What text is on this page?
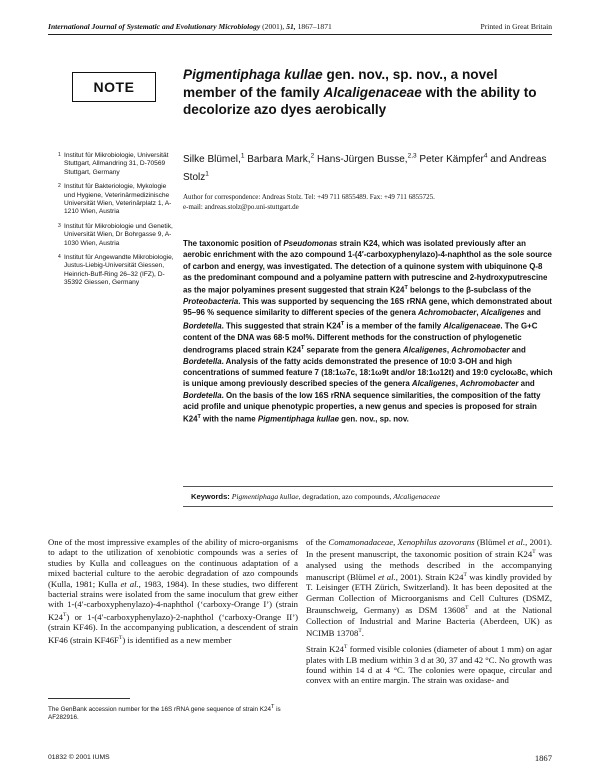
International Journal of Systematic and Evolutionary Microbiology (2001), 51, 1867–1871	Printed in Great Britain
NOTE
Pigmentiphaga kullae gen. nov., sp. nov., a novel member of the family Alcaligenaceae with the ability to decolorize azo dyes aerobically
Silke Blümel,$^1$ Barbara Mark,$^2$ Hans-Jürgen Busse,$^{2,3}$ Peter Kämpfer$^4$ and Andreas Stolz$^1$
Author for correspondence: Andreas Stolz. Tel: +49 711 6855489. Fax: +49 711 6855725.
e-mail: andreas.stolz@po.uni-stuttgart.de
1 Institut für Mikrobiologie, Universität Stuttgart, Allmandring 31, D-70569 Stuttgart, Germany
2 Institut für Bakteriologie, Mykologie und Hygiene, Veterinärmedizinische Universität Wien, Veterinärplatz 1, A-1210 Wien, Austria
3 Institut für Mikrobiologie und Genetik, Universität Wien, Dr Bohrgasse 9, A-1030 Wien, Austria
4 Institut für Angewandte Mikrobiologie, Justus-Liebig-Universität Giessen, Heinrich-Buff-Ring 26–32 (IFZ), D-35392 Giessen, Germany
The taxonomic position of Pseudomonas strain K24, which was isolated previously after an aerobic enrichment with the azo compound 1-(4′-carboxyphenylazo)-4-naphthol as the sole source of carbon and energy, was investigated. The detection of a quinone system with ubiquinone Q-8 as the predominant compound and a polyamine pattern with putrescine and 2-hydroxyputrescine as the major polyamines present suggested that strain $K24^T$ belongs to the β-subclass of the Proteobacteria. This was supported by sequencing the 16S rRNA gene, which demonstrated about 95–96 % sequence similarity to different species of the genera Achromobacter, Alcaligenes and Bordetella. This suggested that strain $K24^T$ is a member of the family Alcaligenaceae. The G+C content of the DNA was 68·5 mol%. Different methods for the construction of phylogenetic dendrograms placed strain $K24^T$ separate from the genera Alcaligenes, Achromobacter and Bordetella. Analysis of the fatty acids demonstrated the presence of 10:0 3-OH and high concentrations of summed feature 7 (18:1ω7c, 18:1ω9t and/or 18:1ω12t) and 19:0 cycloω8c, which is unique among previously described species of the genera Alcaligenes, Achromobacter and Bordetella. On the basis of the low 16S rRNA sequence similarities, the composition of the fatty acid profile and unique phenotypic properties, a new genus and species is proposed for strain $K24^T$ with the name Pigmentiphaga kullae gen. nov., sp. nov.
Keywords: Pigmentiphaga kullae, degradation, azo compounds, Alcaligenaceae

One of the most impressive examples of the ability of micro-organisms to adapt to the utilization of xenobiotic compounds was a series of studies by Kulla and colleagues on the continuous adaptation of a mixed bacterial culture to the aerobic degradation of azo compounds (Kulla, 1981; Kulla et al., 1983, 1984). In these studies, two different bacterial strains were isolated from the same inoculum that grew either with 1-(4′-carboxyphenylazo)-4-naphthol (‘carboxy-Orange I’) (strain $K24^T$) or 1-(4′-carboxyphenylazo)-2-naphthol (‘carboxy-Orange II’) (strain KF46). In the accompanying publication, a descendent of strain KF46 (strain $KF46F^T$) is identified as a new member

of the Comamonadaceae, Xenophilus azovorans (Blümel et al., 2001). In the present manuscript, the taxonomic position of strain $K24^T$ was analysed using the methods described in the accompanying manuscript (Blümel et al., 2001). Strain $K24^T$ was kindly provided by T. Leisinger (ETH Zürich, Switzerland). It has been deposited at the German Collection of Microorganisms and Cell Cultures (DSMZ, Braunschweig, Germany) as DSM $13608^T$ and at the National Collection of Industrial and Marine Bacteria (Aberdeen, UK) as NCIMB $13708^T$.

Strain $K24^T$ formed visible colonies (diameter of about 1 mm) on agar plates with LB medium within 3 d at 30, 37 and 42 °C. No growth was found within 14 d at 4 °C. The colonies were opaque, circular and convex with an entire margin. The strain was oxidase- and

The GenBank accession number for the 16S rRNA gene sequence of strain $K24^T$ is AF282916.
01832 © 2001 IUMS	1867
